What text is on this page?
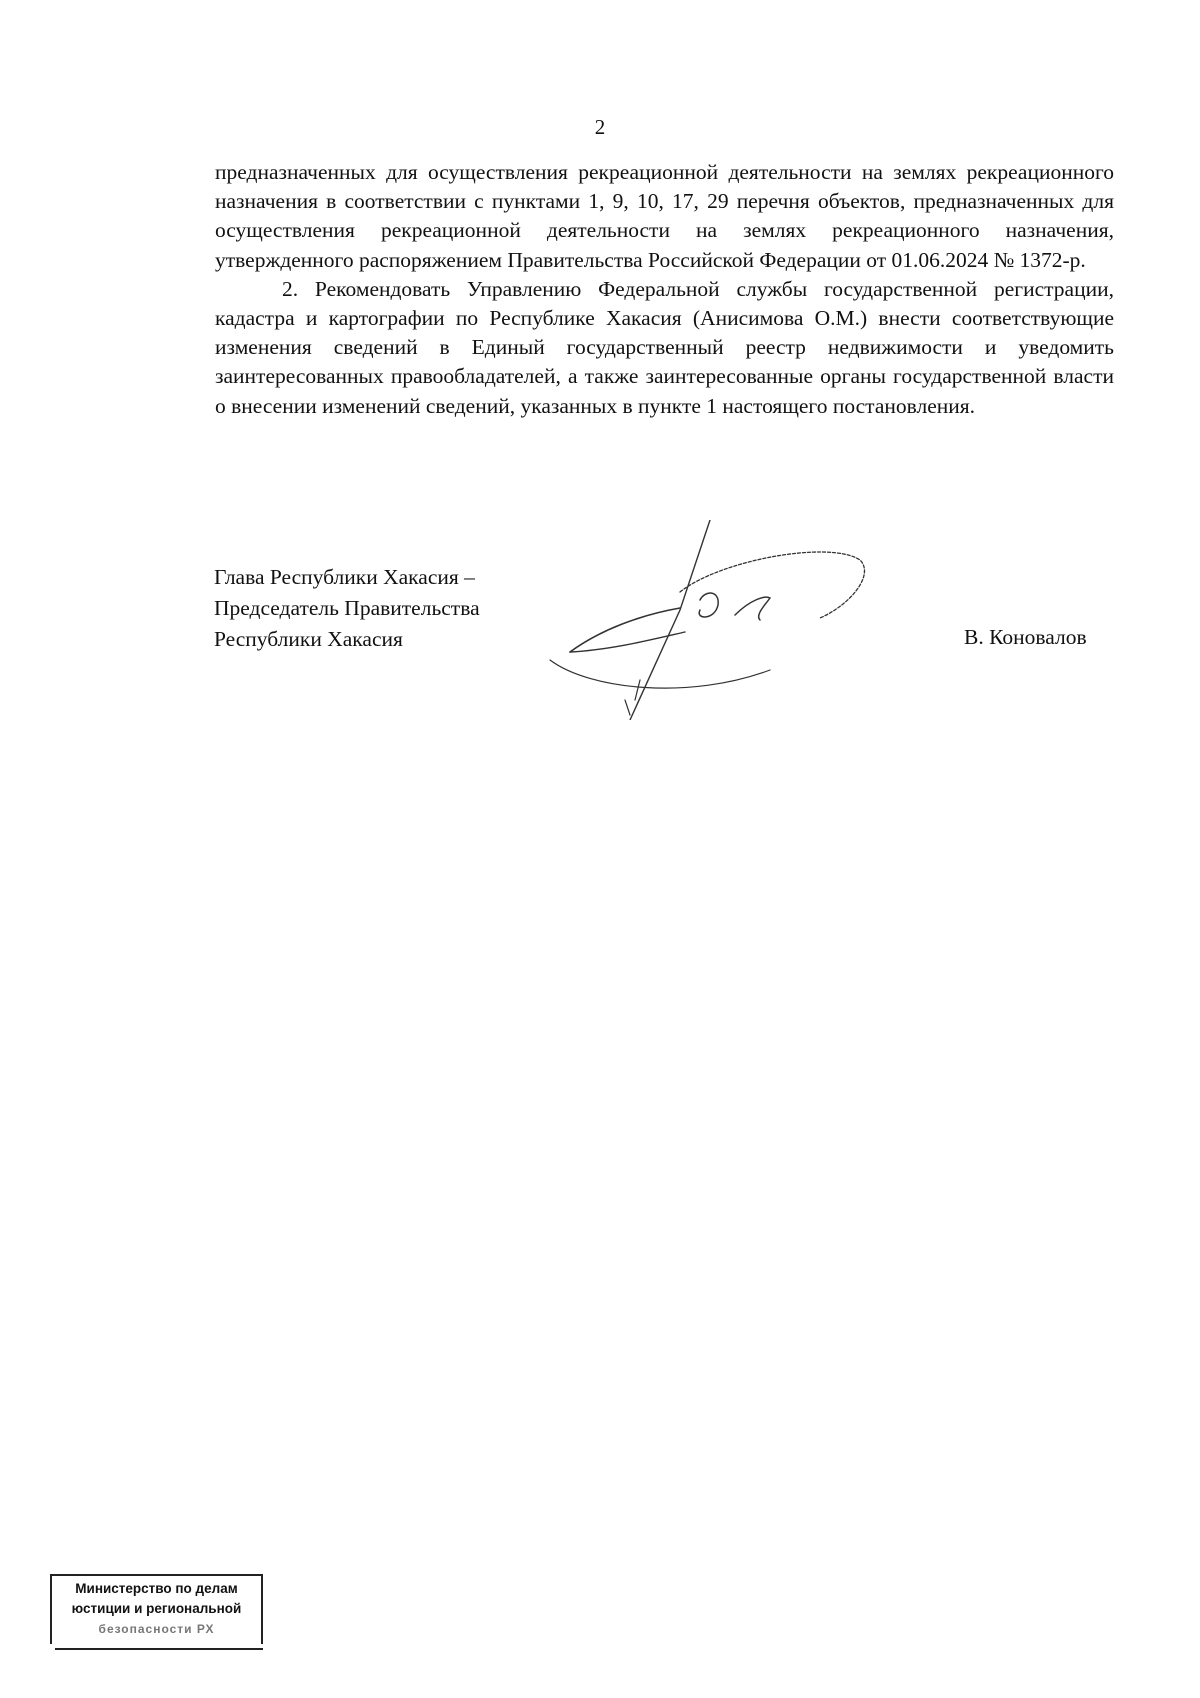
2

предназначенных для осуществления рекреационной деятельности на землях рекреационного назначения в соответствии с пунктами 1, 9, 10, 17, 29 перечня объектов, предназначенных для осуществления рекреационной деятельности на землях рекреационного назначения, утвержденного распоряжением Правительства Российской Федерации от 01.06.2024 № 1372-р.

2. Рекомендовать Управлению Федеральной службы государственной регистрации, кадастра и картографии по Республике Хакасия (Анисимова О.М.) внести соответствующие изменения сведений в Единый государственный реестр недвижимости и уведомить заинтересованных правообладателей, а также заинтересованные органы государственной власти о внесении изменений сведений, указанных в пункте 1 настоящего постановления.

Глава Республики Хакасия –
Председатель Правительства
Республики Хакасия	В. Коновалов
Министерство по делам
юстиции и региональной
безопасности РХ
